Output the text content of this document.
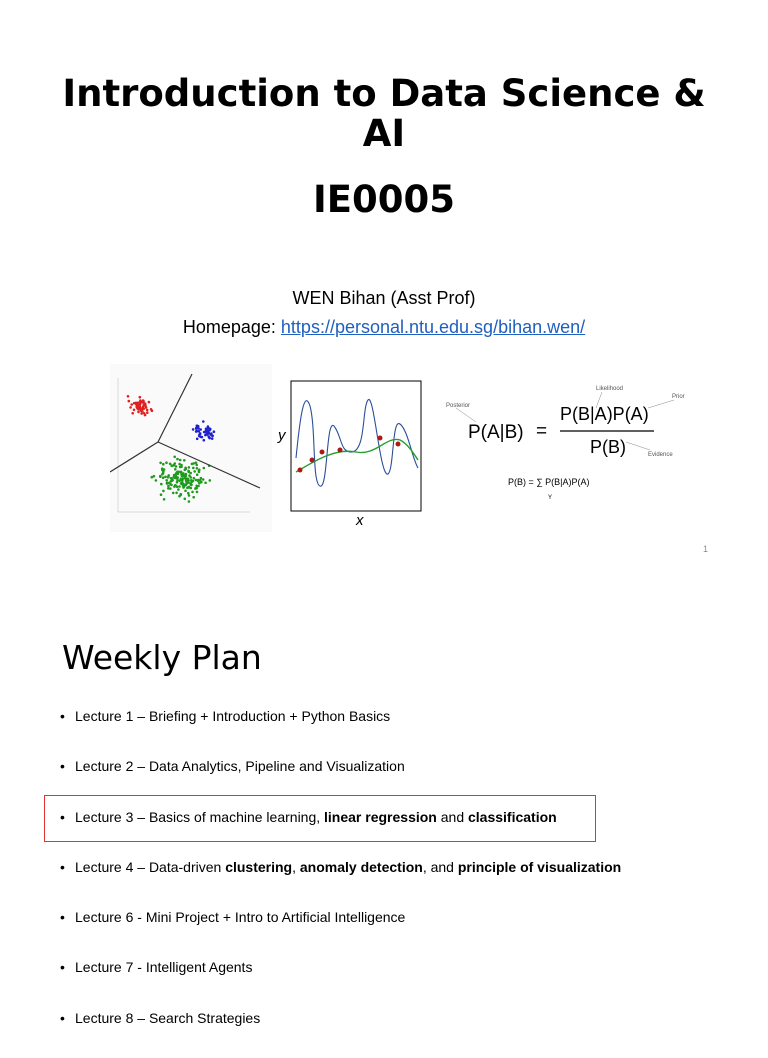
Introduction to Data Science & AI
IE0005
WEN Bihan (Asst Prof)
Homepage: https://personal.ntu.edu.sg/bihan.wen/
y
x
Posterior
Likelihood
Prior
Evidence
P(A|B) =
P(B|A)P(A)
P(B)
P(B) = ∑ P(B|A)P(A)
Y
1
Weekly Plan
• Lecture 1 – Briefing + Introduction + Python Basics
• Lecture 2 – Data Analytics, Pipeline and Visualization
• Lecture 3 – Basics of machine learning, linear regression and classification
• Lecture 4 – Data-driven clustering, anomaly detection, and principle of visualization
• Lecture 6 - Mini Project + Intro to Artificial Intelligence
• Lecture 7 - Intelligent Agents
• Lecture 8 – Search Strategies
